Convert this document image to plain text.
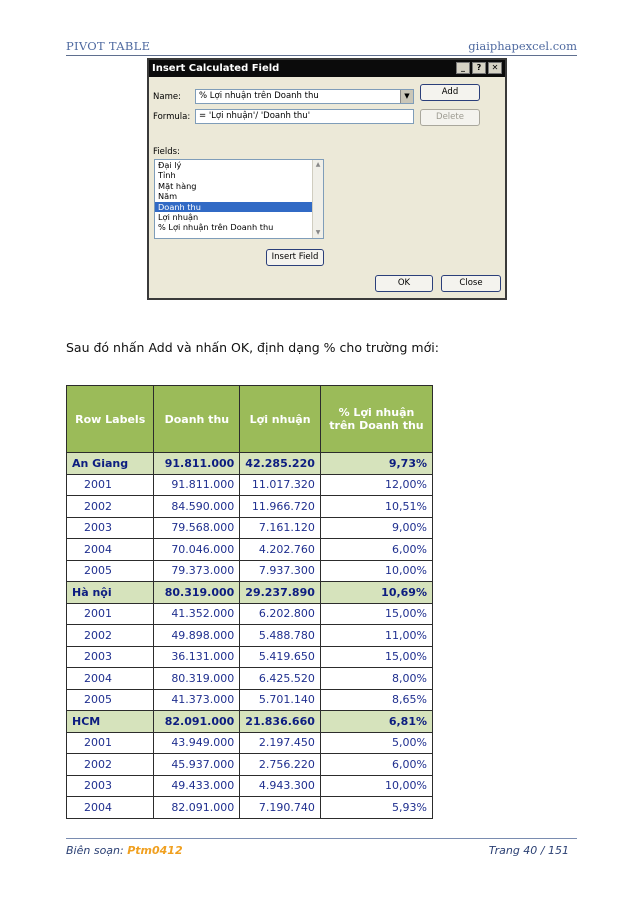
PIVOT TABLE	giaiphapexcel.com
Insert Calculated Field	_	?	✕
Name:	% Lợi nhuận trên Doanh thu	▼
Formula:	= 'Lợi nhuận'/ 'Doanh thu'
Add
Delete
Fields:
Đại lý
Tỉnh
Mặt hàng
Năm
Doanh thu
Lợi nhuận
% Lợi nhuận trên Doanh thu
▲
▼
Insert Field
OK	Close
Sau đó nhấn Add và nhấn OK, định dạng % cho trường mới:
Row Labels	Doanh thu	Lợi nhuận	% Lợi nhuận trên Doanh thu
An Giang	91.811.000	42.285.220	9,73%
2001	91.811.000	11.017.320	12,00%
2002	84.590.000	11.966.720	10,51%
2003	79.568.000	7.161.120	9,00%
2004	70.046.000	4.202.760	6,00%
2005	79.373.000	7.937.300	10,00%
Hà nội	80.319.000	29.237.890	10,69%
2001	41.352.000	6.202.800	15,00%
2002	49.898.000	5.488.780	11,00%
2003	36.131.000	5.419.650	15,00%
2004	80.319.000	6.425.520	8,00%
2005	41.373.000	5.701.140	8,65%
HCM	82.091.000	21.836.660	6,81%
2001	43.949.000	2.197.450	5,00%
2002	45.937.000	2.756.220	6,00%
2003	49.433.000	4.943.300	10,00%
2004	82.091.000	7.190.740	5,93%
Biên soạn: Ptm0412	Trang 40 / 151
